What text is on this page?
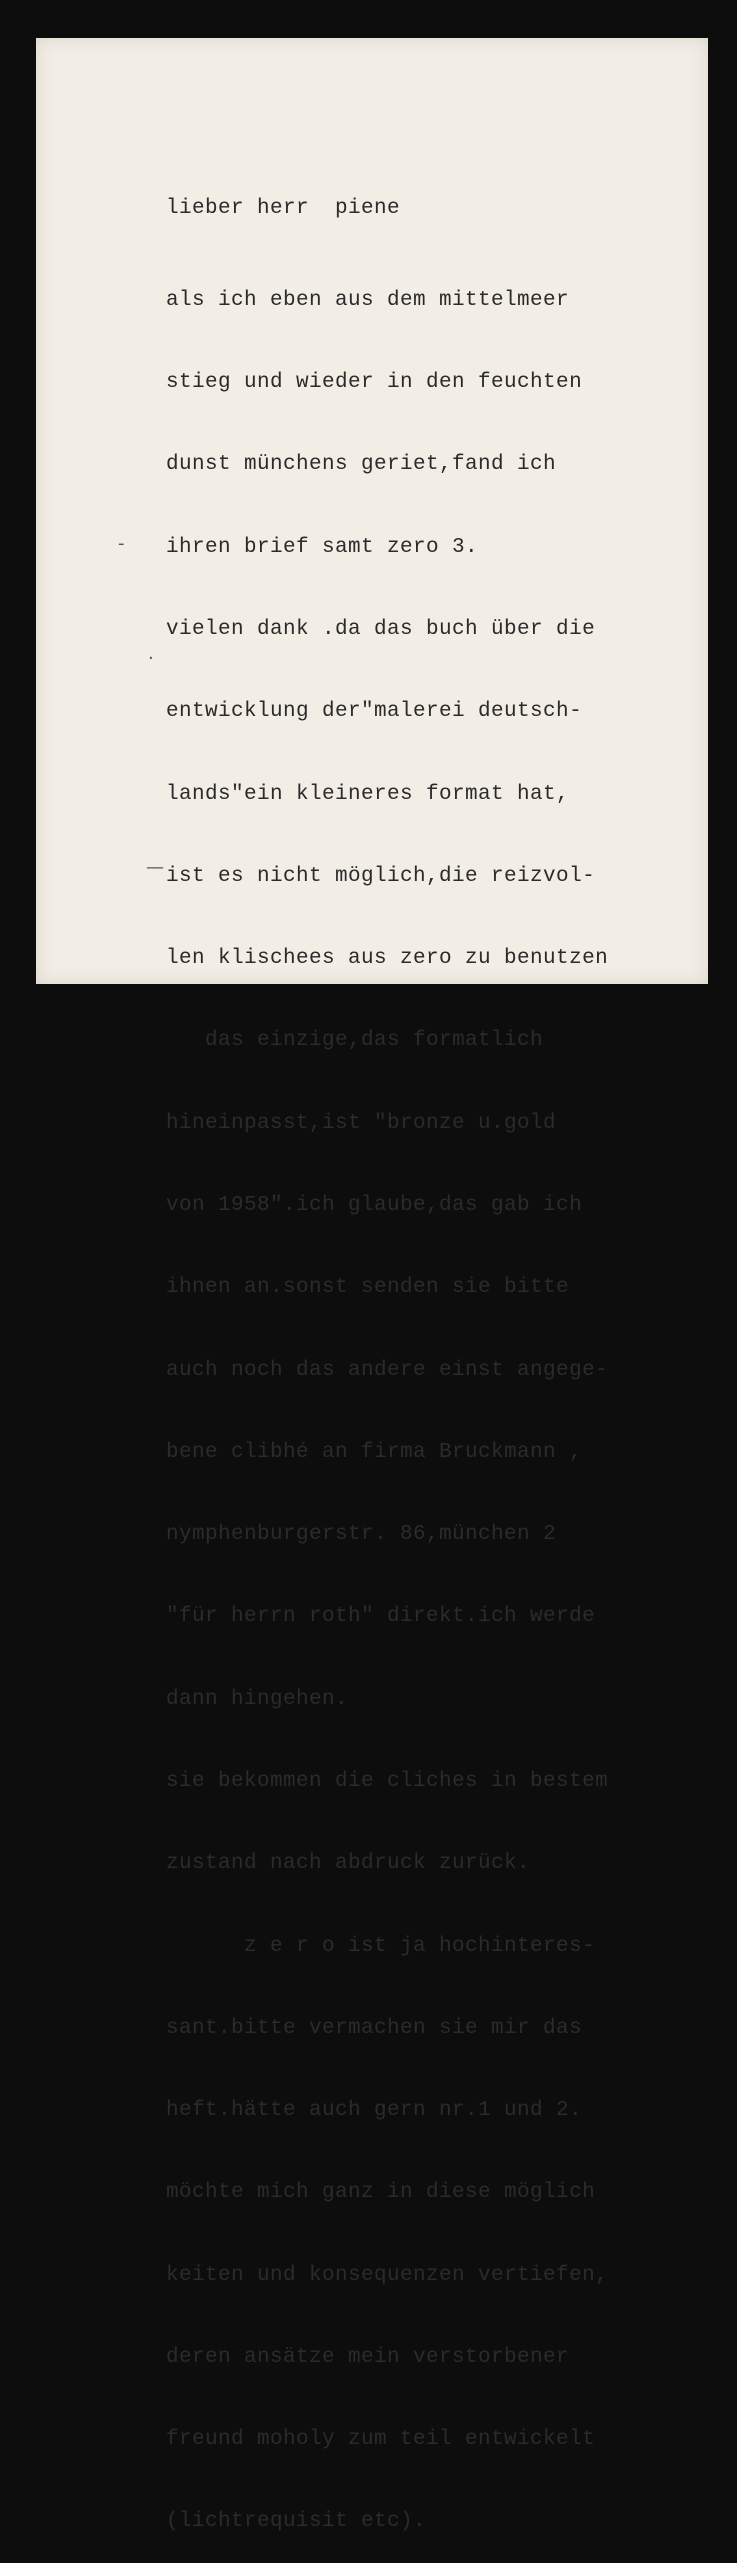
lieber herr  piene

als ich eben aus dem mittelmeer

stieg und wieder in den feuchten

dunst münchens geriet,fand ich

ihren brief samt zero 3.

vielen dank .da das buch über die

entwicklung der"malerei deutsch-

lands"ein kleineres format hat,

ist es nicht möglich,die reizvol-

len klischees aus zero zu benutzen

das einzige,das formatlich

hineinpasst,ist "bronze u.gold

von 1958".ich glaube,das gab ich

ihnen an.sonst senden sie bitte

auch noch das andere einst angege-

bene clibhé an firma Bruckmann ,

nymphenburgerstr. 86,münchen 2

"für herrn roth" direkt.ich werde

dann hingehen.

sie bekommen die cliches in bestem

zustand nach abdruck zurück.

z e r o ist ja hochinteres-

sant.bitte vermachen sie mir das

heft.hätte auch gern nr.1 und 2.

möchte mich ganz in diese möglich

keiten und konsequenzen vertiefen,

deren ansätze mein verstorbener

freund moholy zum teil entwickelt

(lichtrequisit etc).

-
.
—
